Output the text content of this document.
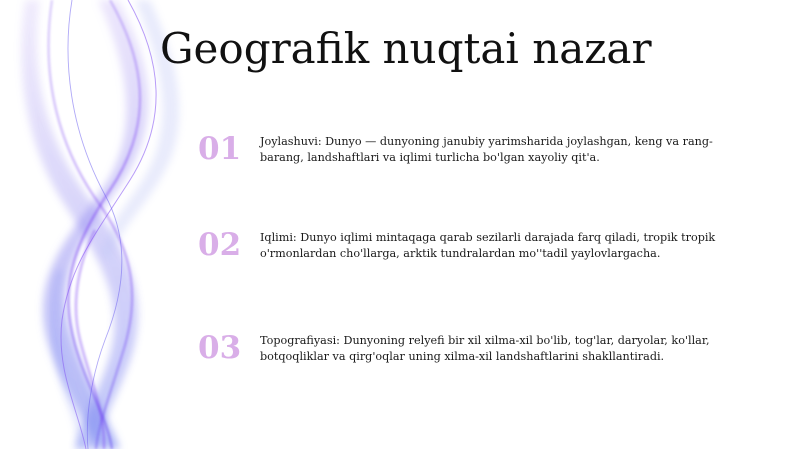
Geografik nuqtai nazar
01	Joylashuvi: Dunyo — dunyoning janubiy yarimsharida joylashgan, keng va rang-barang, landshaftlari va iqlimi turlicha bo'lgan xayoliy qit'a.

02	Iqlimi: Dunyo iqlimi mintaqaga qarab sezilarli darajada farq qiladi, tropik tropik o'rmonlardan cho'llarga, arktik tundralardan mo''tadil yaylovlargacha.

03	Topografiyasi: Dunyoning relyefi bir xil xilma-xil bo'lib, tog'lar, daryolar, ko'llar, botqoqliklar va qirg'oqlar uning xilma-xil landshaftlarini shakllantiradi.
